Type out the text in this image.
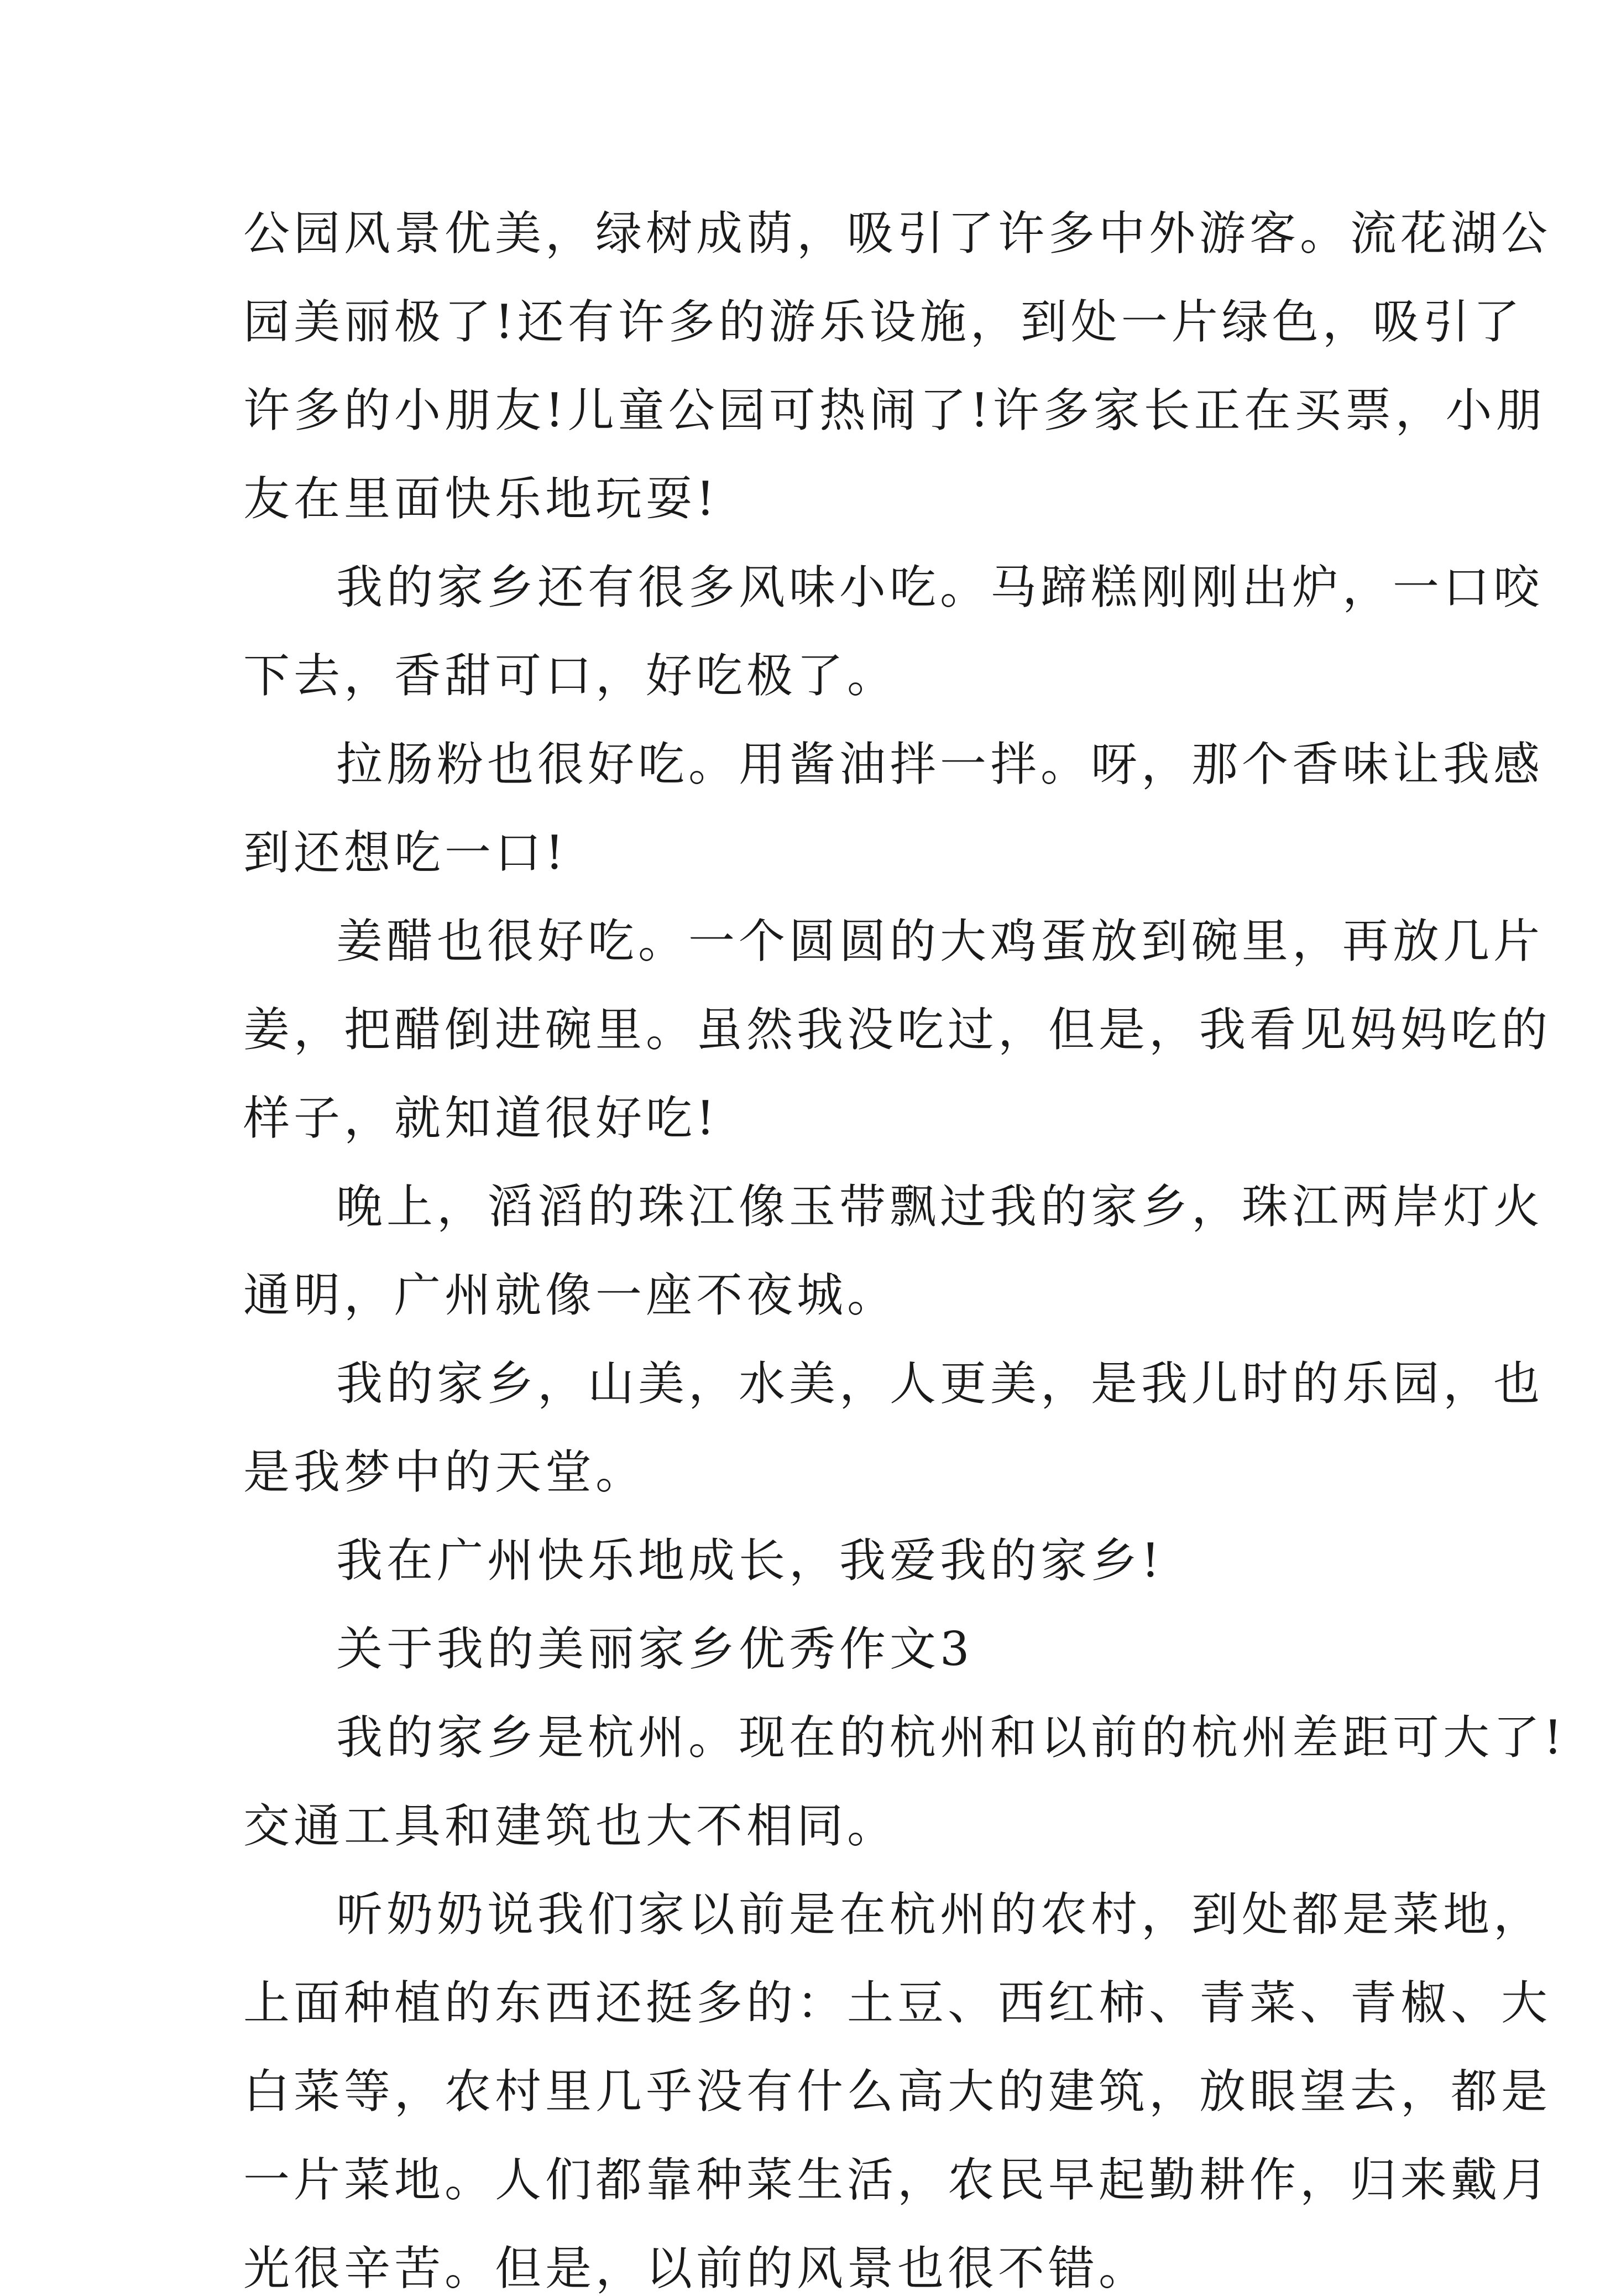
公园风景优美，绿树成荫，吸引了许多中外游客。流花湖公
园美丽极了!还有许多的游乐设施，到处一片绿色，吸引了
许多的小朋友!儿童公园可热闹了!许多家长正在买票，小朋
友在里面快乐地玩耍!
我的家乡还有很多风味小吃。马蹄糕刚刚出炉，一口咬
下去，香甜可口，好吃极了。
拉肠粉也很好吃。用酱油拌一拌。呀，那个香味让我感
到还想吃一口!
姜醋也很好吃。一个圆圆的大鸡蛋放到碗里，再放几片
姜，把醋倒进碗里。虽然我没吃过，但是，我看见妈妈吃的
样子，就知道很好吃!
晚上，滔滔的珠江像玉带飘过我的家乡，珠江两岸灯火
通明，广州就像一座不夜城。
我的家乡，山美，水美，人更美，是我儿时的乐园，也
是我梦中的天堂。
我在广州快乐地成长，我爱我的家乡!
关于我的美丽家乡优秀作文3
我的家乡是杭州。现在的杭州和以前的杭州差距可大了!
交通工具和建筑也大不相同。
听奶奶说我们家以前是在杭州的农村，到处都是菜地，
上面种植的东西还挺多的：土豆、西红柿、青菜、青椒、大
白菜等，农村里几乎没有什么高大的建筑，放眼望去，都是
一片菜地。人们都靠种菜生活，农民早起勤耕作，归来戴月
光很辛苦。但是，以前的风景也很不错。
